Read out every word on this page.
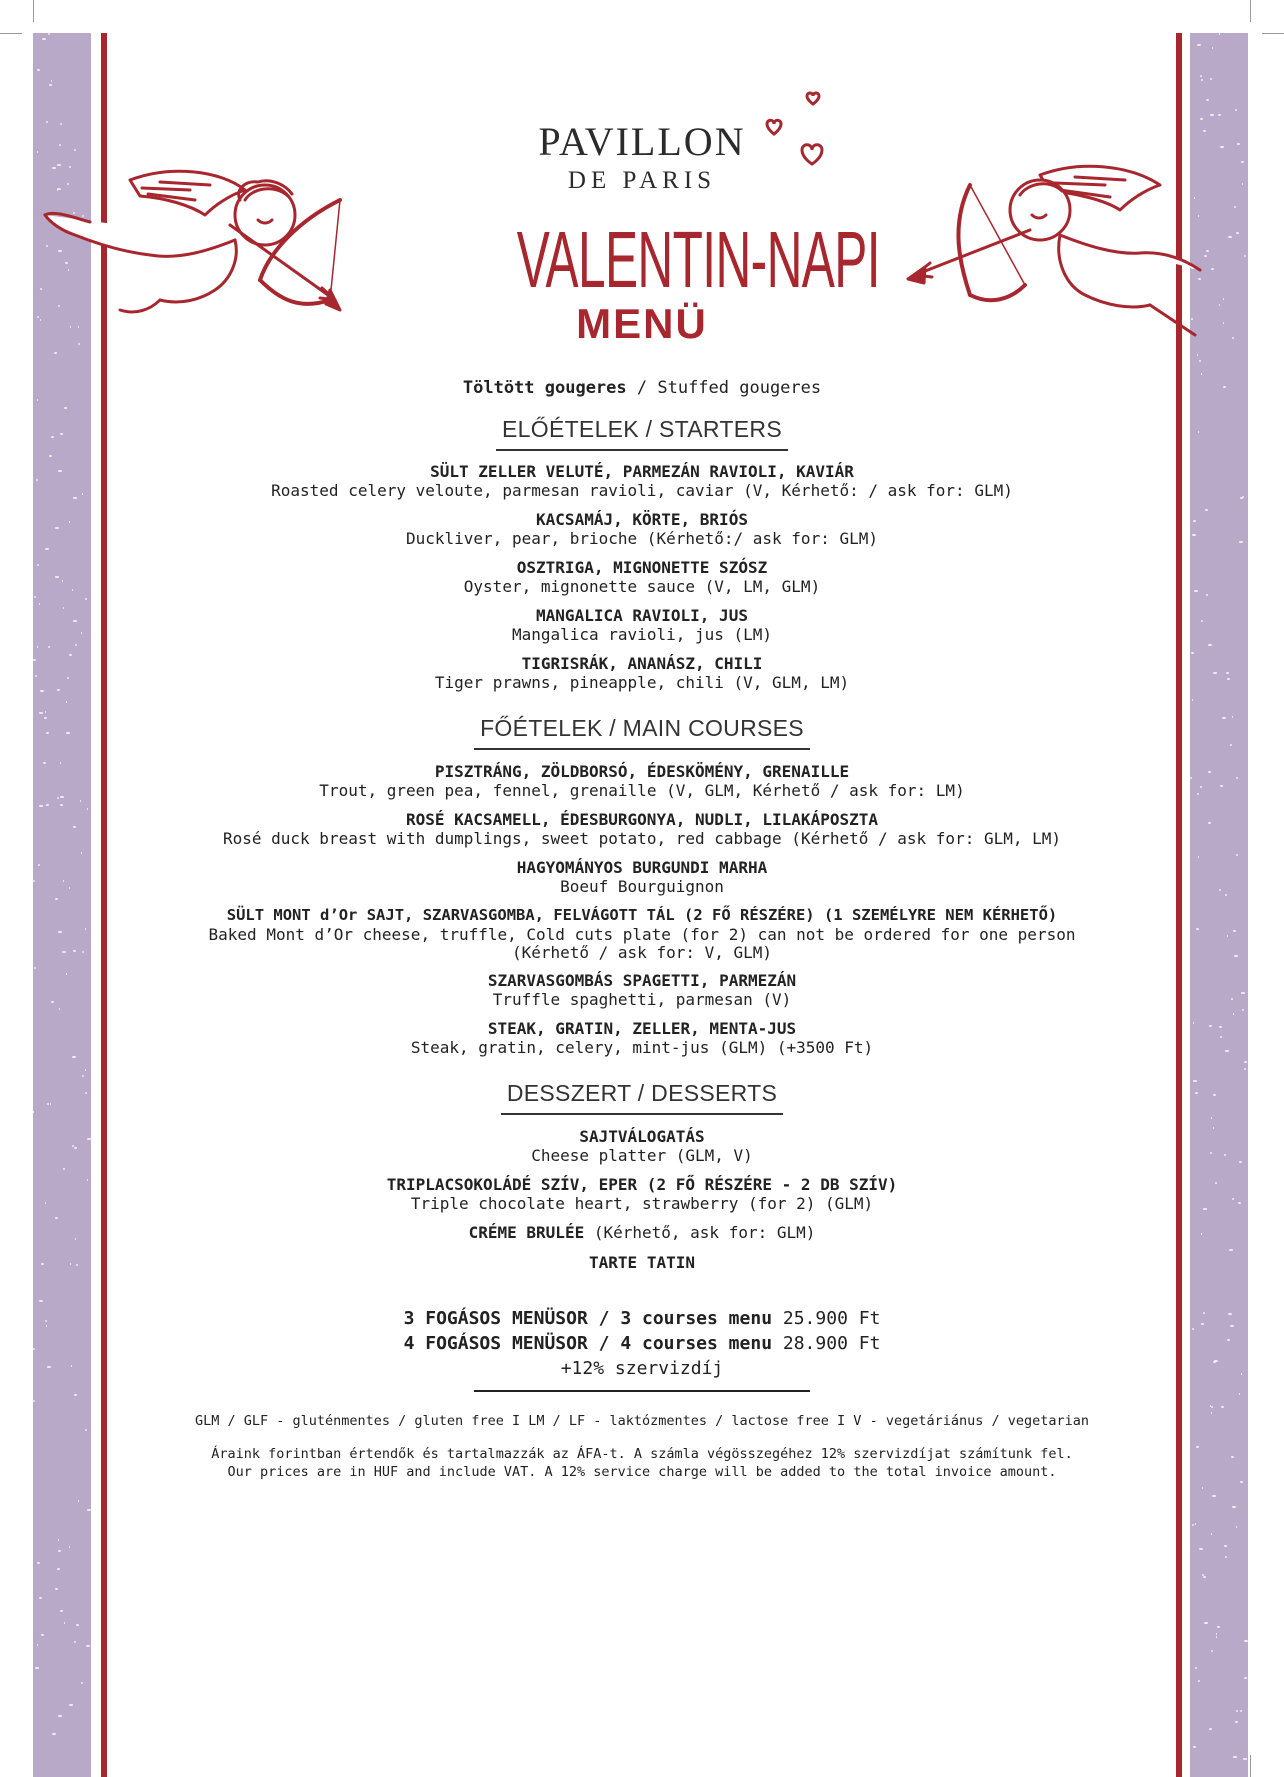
PAVILLON
DE PARIS
VALENTIN-NAPI
MENÜ
Töltött gougeres / Stuffed gougeres
ELŐÉTELEK / STARTERS
SÜLT ZELLER VELUTÉ, PARMEZÁN RAVIOLI, KAVIÁR
Roasted celery veloute, parmesan ravioli, caviar (V, Kérhető: / ask for: GLM)
KACSAMÁJ, KÖRTE, BRIÓS
Duckliver, pear, brioche (Kérhető:/ ask for: GLM)
OSZTRIGA, MIGNONETTE SZÓSZ
Oyster, mignonette sauce (V, LM, GLM)
MANGALICA RAVIOLI, JUS
Mangalica ravioli, jus (LM)
TIGRISRÁK, ANANÁSZ, CHILI
Tiger prawns, pineapple, chili (V, GLM, LM)
FŐÉTELEK / MAIN COURSES
PISZTRÁNG, ZÖLDBORSÓ, ÉDESKÖMÉNY, GRENAILLE
Trout, green pea, fennel, grenaille (V, GLM, Kérhető / ask for: LM)
ROSÉ KACSAMELL, ÉDESBURGONYA, NUDLI, LILAKÁPOSZTA
Rosé duck breast with dumplings, sweet potato, red cabbage (Kérhető / ask for: GLM, LM)
HAGYOMÁNYOS BURGUNDI MARHA
Boeuf Bourguignon
SÜLT MONT d’Or SAJT, SZARVASGOMBA, FELVÁGOTT TÁL (2 FŐ RÉSZÉRE) (1 SZEMÉLYRE NEM KÉRHETŐ)
Baked Mont d’Or cheese, truffle, Cold cuts plate (for 2) can not be ordered for one person
(Kérhető / ask for: V, GLM)
SZARVASGOMBÁS SPAGETTI, PARMEZÁN
Truffle spaghetti, parmesan (V)
STEAK, GRATIN, ZELLER, MENTA-JUS
Steak, gratin, celery, mint-jus (GLM) (+3500 Ft)
DESSZERT / DESSERTS
SAJTVÁLOGATÁS
Cheese platter (GLM, V)
TRIPLACSOKOLÁDÉ SZÍV, EPER (2 FŐ RÉSZÉRE - 2 DB SZÍV)
Triple chocolate heart, strawberry (for 2) (GLM)
CRÉME BRULÉE (Kérhető, ask for: GLM)
TARTE TATIN
3 FOGÁSOS MENÜSOR / 3 courses menu 25.900 Ft
4 FOGÁSOS MENÜSOR / 4 courses menu 28.900 Ft
+12% szervizdíj
GLM / GLF - gluténmentes / gluten free I LM / LF - laktózmentes / lactose free I V - vegetáriánus / vegetarian
Áraink forintban értendők és tartalmazzák az ÁFA-t. A számla végösszegéhez 12% szervizdíjat számítunk fel.
Our prices are in HUF and include VAT. A 12% service charge will be added to the total invoice amount.
